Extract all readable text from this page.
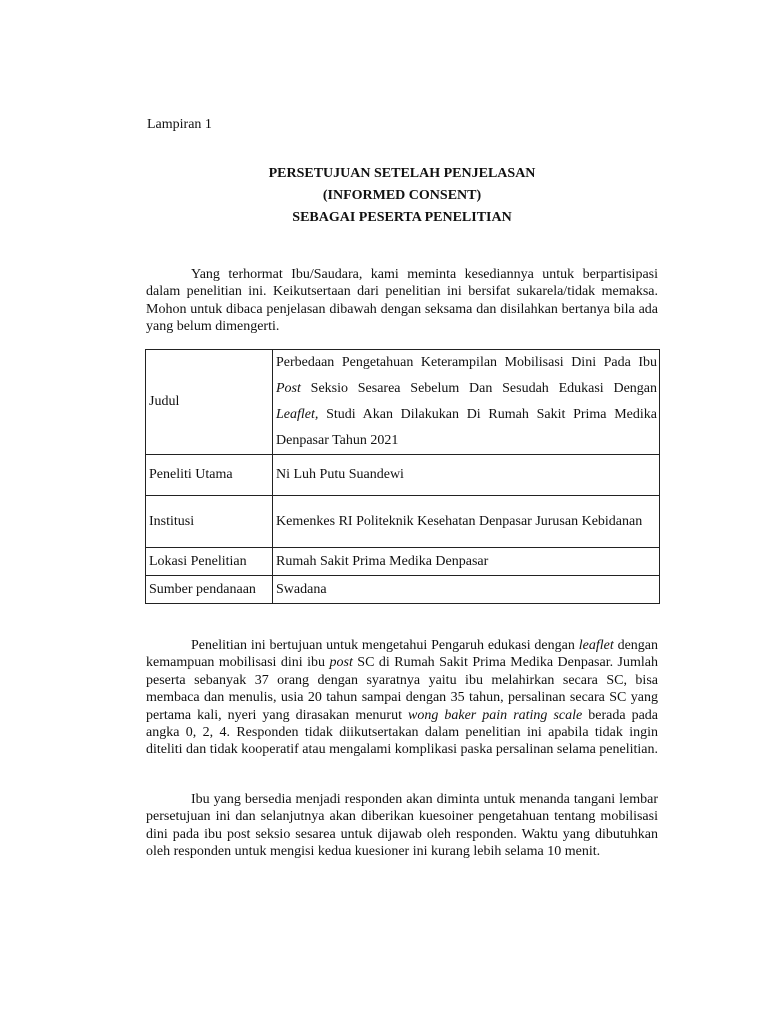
Lampiran 1
PERSETUJUAN SETELAH PENJELASAN
(INFORMED CONSENT)
SEBAGAI PESERTA PENELITIAN

Yang terhormat Ibu/Saudara, kami meminta kesediannya untuk berpartisipasi dalam penelitian ini. Keikutsertaan dari penelitian ini bersifat sukarela/tidak memaksa. Mohon untuk dibaca penjelasan dibawah dengan seksama dan disilahkan bertanya bila ada yang belum dimengerti.

Judul	Perbedaan Pengetahuan Keterampilan Mobilisasi Dini Pada Ibu Post Seksio Sesarea Sebelum Dan Sesudah Edukasi Dengan Leaflet, Studi Akan Dilakukan Di Rumah Sakit Prima Medika Denpasar Tahun 2021
Peneliti Utama	Ni Luh Putu Suandewi
Institusi	Kemenkes RI Politeknik Kesehatan Denpasar Jurusan Kebidanan
Lokasi Penelitian	Rumah Sakit Prima Medika Denpasar
Sumber pendanaan	Swadana

Penelitian ini bertujuan untuk mengetahui Pengaruh edukasi dengan leaflet dengan kemampuan mobilisasi dini ibu post SC di Rumah Sakit Prima Medika Denpasar. Jumlah peserta sebanyak 37 orang dengan syaratnya yaitu ibu melahirkan secara SC, bisa membaca dan menulis, usia 20 tahun sampai dengan 35 tahun, persalinan secara SC yang pertama kali, nyeri yang dirasakan menurut wong baker pain rating scale berada pada angka 0, 2, 4. Responden tidak diikutsertakan dalam penelitian ini apabila tidak ingin diteliti dan tidak kooperatif atau mengalami komplikasi paska persalinan selama penelitian.

Ibu yang bersedia menjadi responden akan diminta untuk menanda tangani lembar persetujuan ini dan selanjutnya akan diberikan kuesoiner pengetahuan tentang mobilisasi dini pada ibu post seksio sesarea untuk dijawab oleh responden. Waktu yang dibutuhkan oleh responden untuk mengisi kedua kuesioner ini kurang lebih selama 10 menit.
